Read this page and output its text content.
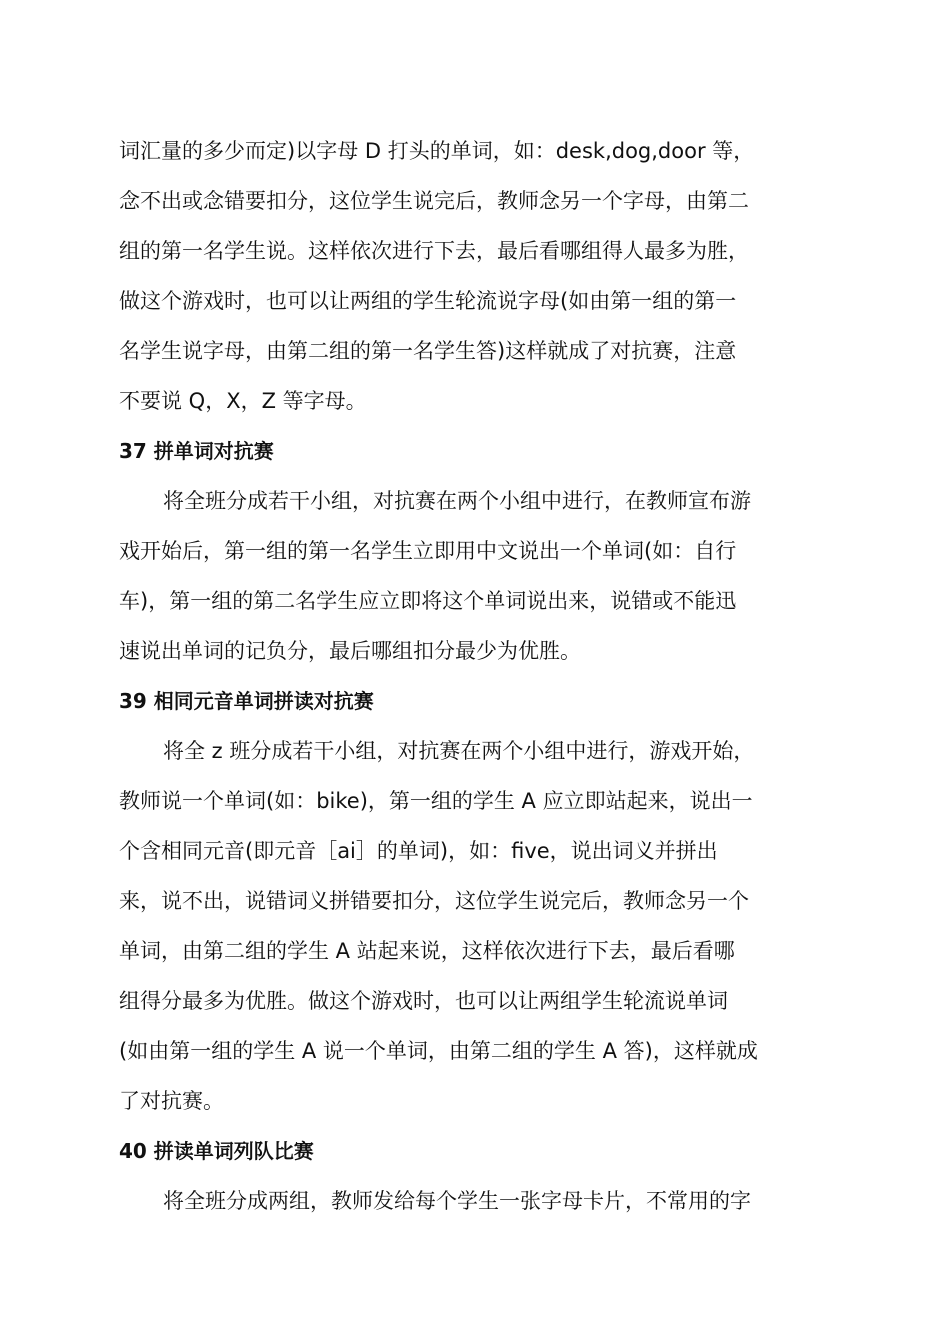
词汇量的多少而定)以字母 D 打头的单词，如：desk,dog,door 等，
念不出或念错要扣分，这位学生说完后，教师念另一个字母，由第二
组的第一名学生说。这样依次进行下去，最后看哪组得人最多为胜，
做这个游戏时，也可以让两组的学生轮流说字母(如由第一组的第一
名学生说字母，由第二组的第一名学生答)这样就成了对抗赛，注意
不要说 Q，X，Z 等字母。
37 拼单词对抗赛
将全班分成若干小组，对抗赛在两个小组中进行，在教师宣布游
戏开始后，第一组的第一名学生立即用中文说出一个单词(如：自行
车)，第一组的第二名学生应立即将这个单词说出来，说错或不能迅
速说出单词的记负分，最后哪组扣分最少为优胜。
39 相同元音单词拼读对抗赛
将全 z 班分成若干小组，对抗赛在两个小组中进行，游戏开始，
教师说一个单词(如：bike)，第一组的学生 A 应立即站起来，说出一
个含相同元音(即元音［ai］的单词)，如：five，说出词义并拼出
来，说不出，说错词义拼错要扣分，这位学生说完后，教师念另一个
单词，由第二组的学生 A 站起来说，这样依次进行下去，最后看哪
组得分最多为优胜。做这个游戏时，也可以让两组学生轮流说单词
(如由第一组的学生 A 说一个单词，由第二组的学生 A 答)，这样就成
了对抗赛。
40 拼读单词列队比赛
将全班分成两组，教师发给每个学生一张字母卡片，不常用的字
